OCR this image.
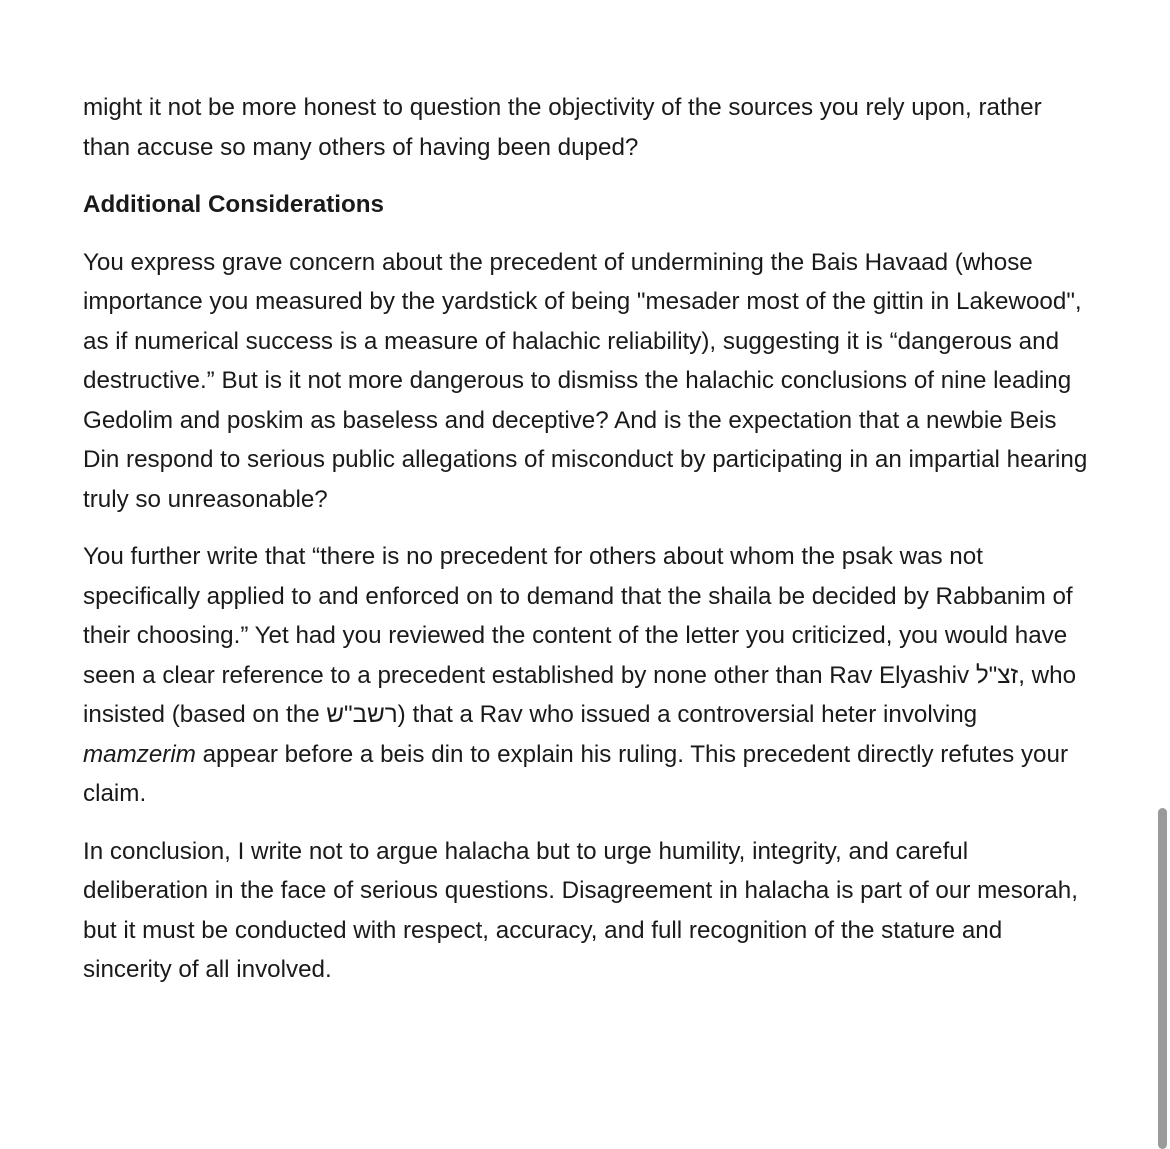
might it not be more honest to question the objectivity of the sources you rely upon, rather than accuse so many others of having been duped?

Additional Considerations

You express grave concern about the precedent of undermining the Bais Havaad (whose importance you measured by the yardstick of being "mesader most of the gittin in Lakewood", as if numerical success is a measure of halachic reliability), suggesting it is “dangerous and destructive.” But is it not more dangerous to dismiss the halachic conclusions of nine leading Gedolim and poskim as baseless and deceptive? And is the expectation that a newbie Beis Din respond to serious public allegations of misconduct by participating in an impartial hearing truly so unreasonable?

You further write that “there is no precedent for others about whom the psak was not specifically applied to and enforced on to demand that the shaila be decided by Rabbanim of their choosing.” Yet had you reviewed the content of the letter you criticized, you would have seen a clear reference to a precedent established by none other than Rav Elyashiv זצ"ל, who insisted (based on the רשב"ש) that a Rav who issued a controversial heter involving mamzerim appear before a beis din to explain his ruling. This precedent directly refutes your claim.

In conclusion, I write not to argue halacha but to urge humility, integrity, and careful deliberation in the face of serious questions. Disagreement in halacha is part of our mesorah, but it must be conducted with respect, accuracy, and full recognition of the stature and sincerity of all involved.
